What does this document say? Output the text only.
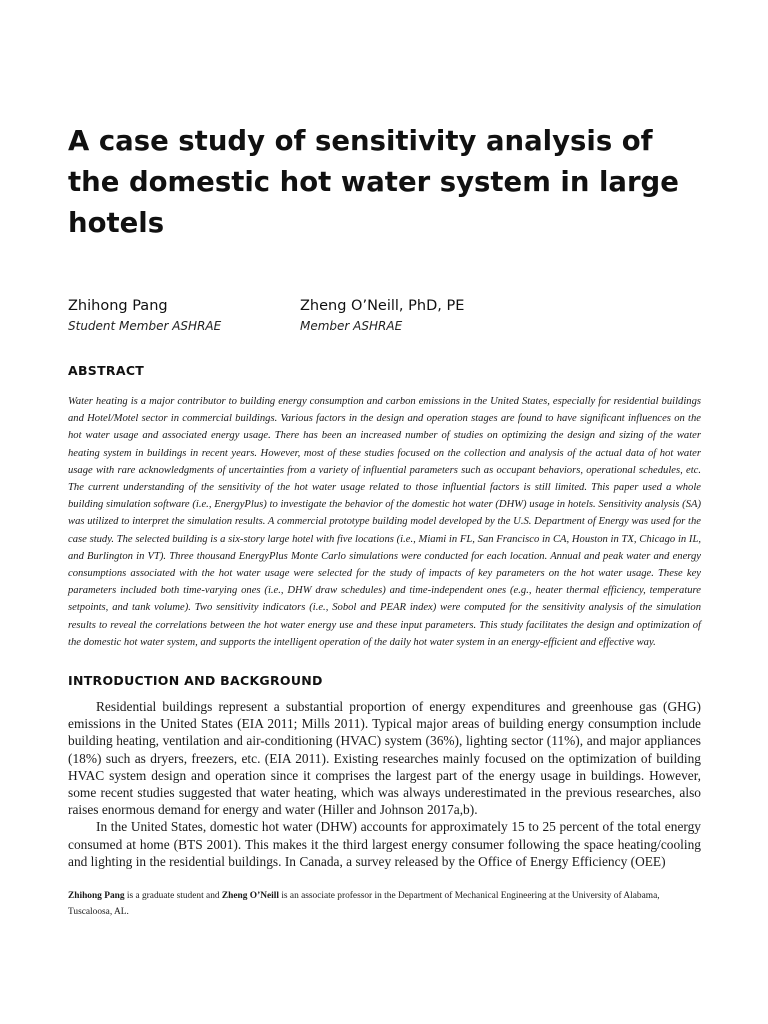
A case study of sensitivity analysis of the domestic hot water system in large hotels
Zhihong Pang
Student Member ASHRAE
Zheng O’Neill, PhD, PE
Member ASHRAE
ABSTRACT

Water heating is a major contributor to building energy consumption and carbon emissions in the United States, especially for residential buildings and Hotel/Motel sector in commercial buildings. Various factors in the design and operation stages are found to have significant influences on the hot water usage and associated energy usage. There has been an increased number of studies on optimizing the design and sizing of the water heating system in buildings in recent years. However, most of these studies focused on the collection and analysis of the actual data of hot water usage with rare acknowledgments of uncertainties from a variety of influential parameters such as occupant behaviors, operational schedules, etc. The current understanding of the sensitivity of the hot water usage related to those influential factors is still limited. This paper used a whole building simulation software (i.e., EnergyPlus) to investigate the behavior of the domestic hot water (DHW) usage in hotels. Sensitivity analysis (SA) was utilized to interpret the simulation results. A commercial prototype building model developed by the U.S. Department of Energy was used for the case study. The selected building is a six-story large hotel with five locations (i.e., Miami in FL, San Francisco in CA, Houston in TX, Chicago in IL, and Burlington in VT). Three thousand EnergyPlus Monte Carlo simulations were conducted for each location. Annual and peak water and energy consumptions associated with the hot water usage were selected for the study of impacts of key parameters on the hot water usage. These key parameters included both time-varying ones (i.e., DHW draw schedules) and time-independent ones (e.g., heater thermal efficiency, temperature setpoints, and tank volume). Two sensitivity indicators (i.e., Sobol and PEAR index) were computed for the sensitivity analysis of the simulation results to reveal the correlations between the hot water energy use and these input parameters. This study facilitates the design and optimization of the domestic hot water system, and supports the intelligent operation of the daily hot water system in an energy-efficient and effective way.

INTRODUCTION AND BACKGROUND

Residential buildings represent a substantial proportion of energy expenditures and greenhouse gas (GHG) emissions in the United States (EIA 2011; Mills 2011). Typical major areas of building energy consumption include building heating, ventilation and air-conditioning (HVAC) system (36%), lighting sector (11%), and major appliances (18%) such as dryers, freezers, etc. (EIA 2011). Existing researches mainly focused on the optimization of building HVAC system design and operation since it comprises the largest part of the energy usage in buildings. However, some recent studies suggested that water heating, which was always underestimated in the previous researches, also raises enormous demand for energy and water (Hiller and Johnson 2017a,b).

In the United States, domestic hot water (DHW) accounts for approximately 15 to 25 percent of the total energy consumed at home (BTS 2001). This makes it the third largest energy consumer following the space heating/cooling and lighting in the residential buildings. In Canada, a survey released by the Office of Energy Efficiency (OEE)

Zhihong Pang is a graduate student and Zheng O’Neill is an associate professor in the Department of Mechanical Engineering at the University of Alabama, Tuscaloosa, AL.
